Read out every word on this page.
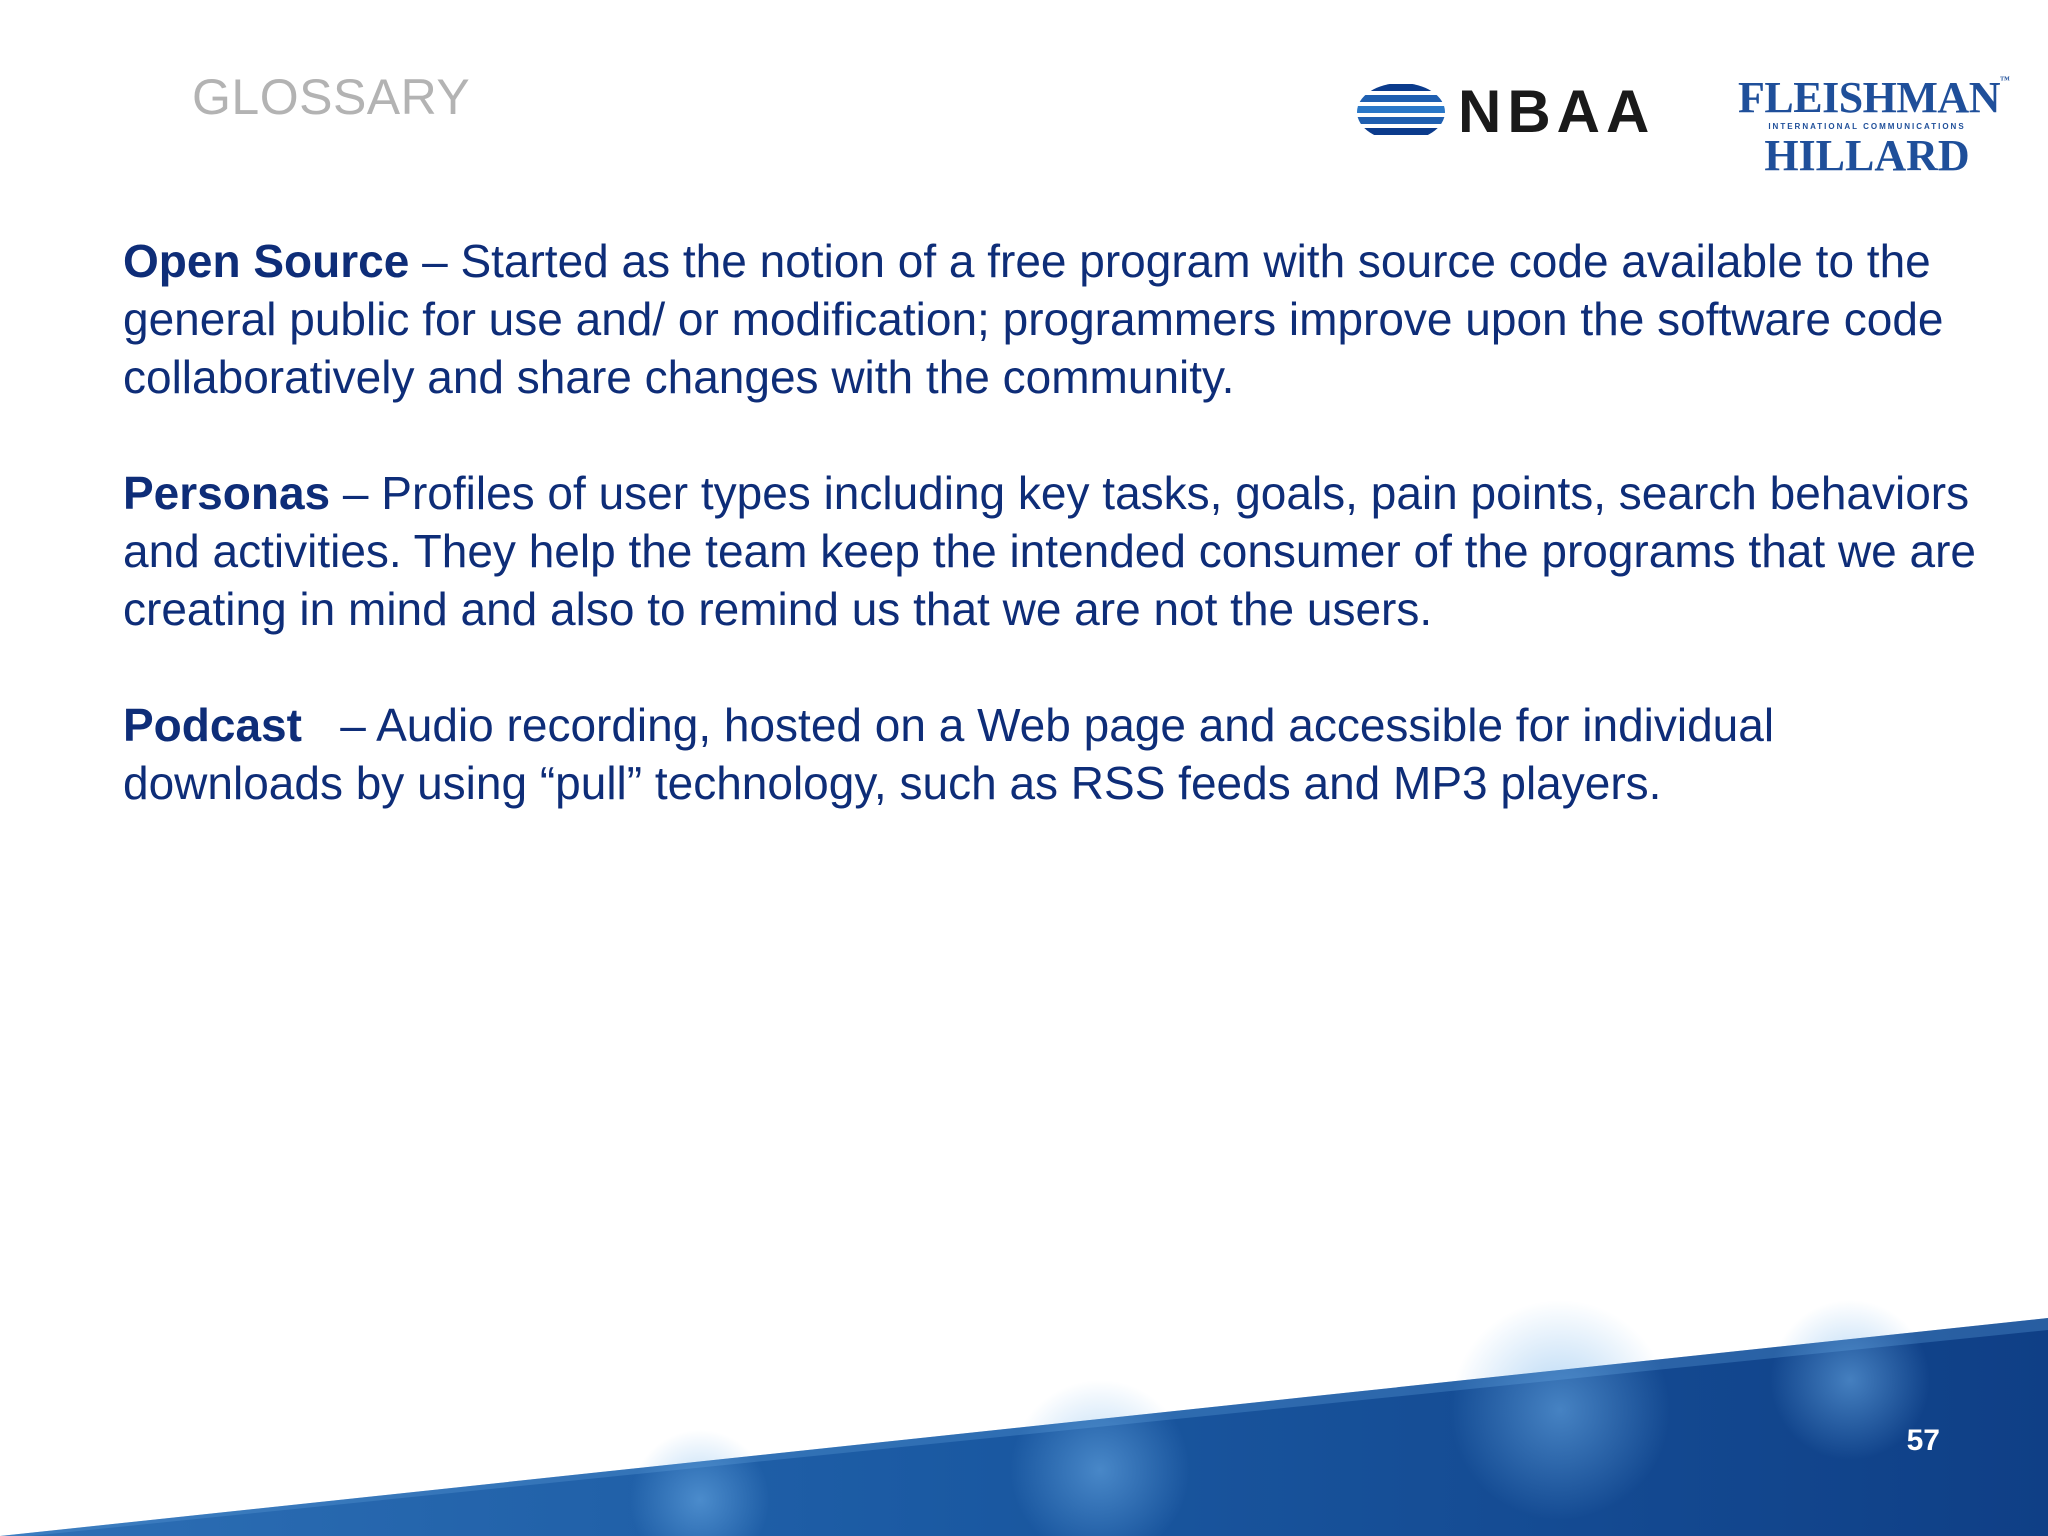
GLOSSARY	NBAA FLEISHMAN™
INTERNATIONAL COMMUNICATIONS
HILLARD

Open Source – Started as the notion of a free program with source code available to the general public for use and/ or modification; programmers improve upon the software code collaboratively and share changes with the community.

Personas – Profiles of user types including key tasks, goals, pain points, search behaviors and activities. They help the team keep the intended consumer of the programs that we are creating in mind and also to remind us that we are not the users.

Podcast   – Audio recording, hosted on a Web page and accessible for individual downloads by using “pull” technology, such as RSS feeds and MP3 players.

57
